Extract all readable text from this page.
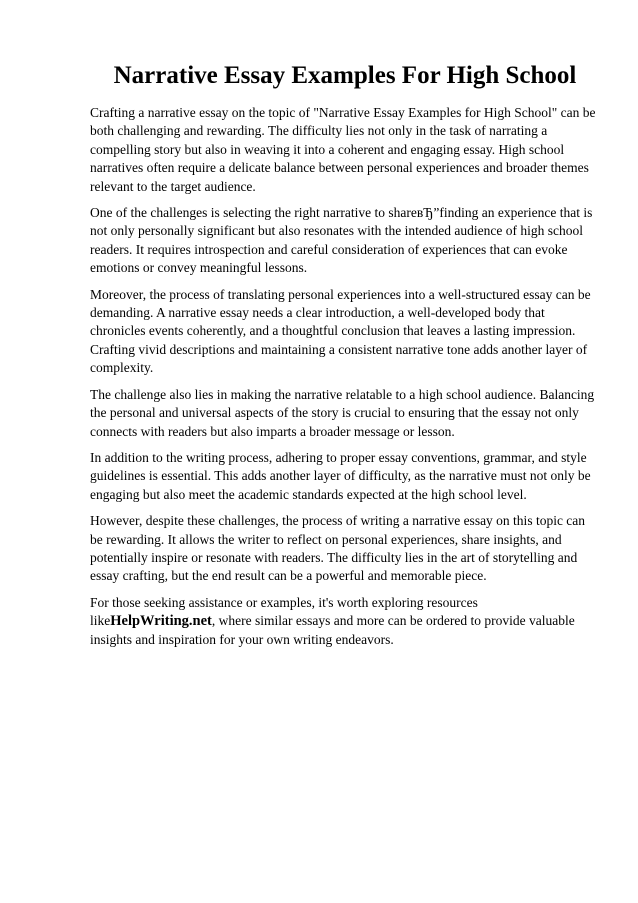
Narrative Essay Examples For High School

Crafting a narrative essay on the topic of "Narrative Essay Examples for High School" can be both challenging and rewarding. The difficulty lies not only in the task of narrating a compelling story but also in weaving it into a coherent and engaging essay. High school narratives often require a delicate balance between personal experiences and broader themes relevant to the target audience.

One of the challenges is selecting the right narrative to shareвЂ”finding an experience that is not only personally significant but also resonates with the intended audience of high school readers. It requires introspection and careful consideration of experiences that can evoke emotions or convey meaningful lessons.

Moreover, the process of translating personal experiences into a well-structured essay can be demanding. A narrative essay needs a clear introduction, a well-developed body that chronicles events coherently, and a thoughtful conclusion that leaves a lasting impression. Crafting vivid descriptions and maintaining a consistent narrative tone adds another layer of complexity.

The challenge also lies in making the narrative relatable to a high school audience. Balancing the personal and universal aspects of the story is crucial to ensuring that the essay not only connects with readers but also imparts a broader message or lesson.

In addition to the writing process, adhering to proper essay conventions, grammar, and style guidelines is essential. This adds another layer of difficulty, as the narrative must not only be engaging but also meet the academic standards expected at the high school level.

However, despite these challenges, the process of writing a narrative essay on this topic can be rewarding. It allows the writer to reflect on personal experiences, share insights, and potentially inspire or resonate with readers. The difficulty lies in the art of storytelling and essay crafting, but the end result can be a powerful and memorable piece.

For those seeking assistance or examples, it's worth exploring resources likeHelpWriting.net, where similar essays and more can be ordered to provide valuable insights and inspiration for your own writing endeavors.
